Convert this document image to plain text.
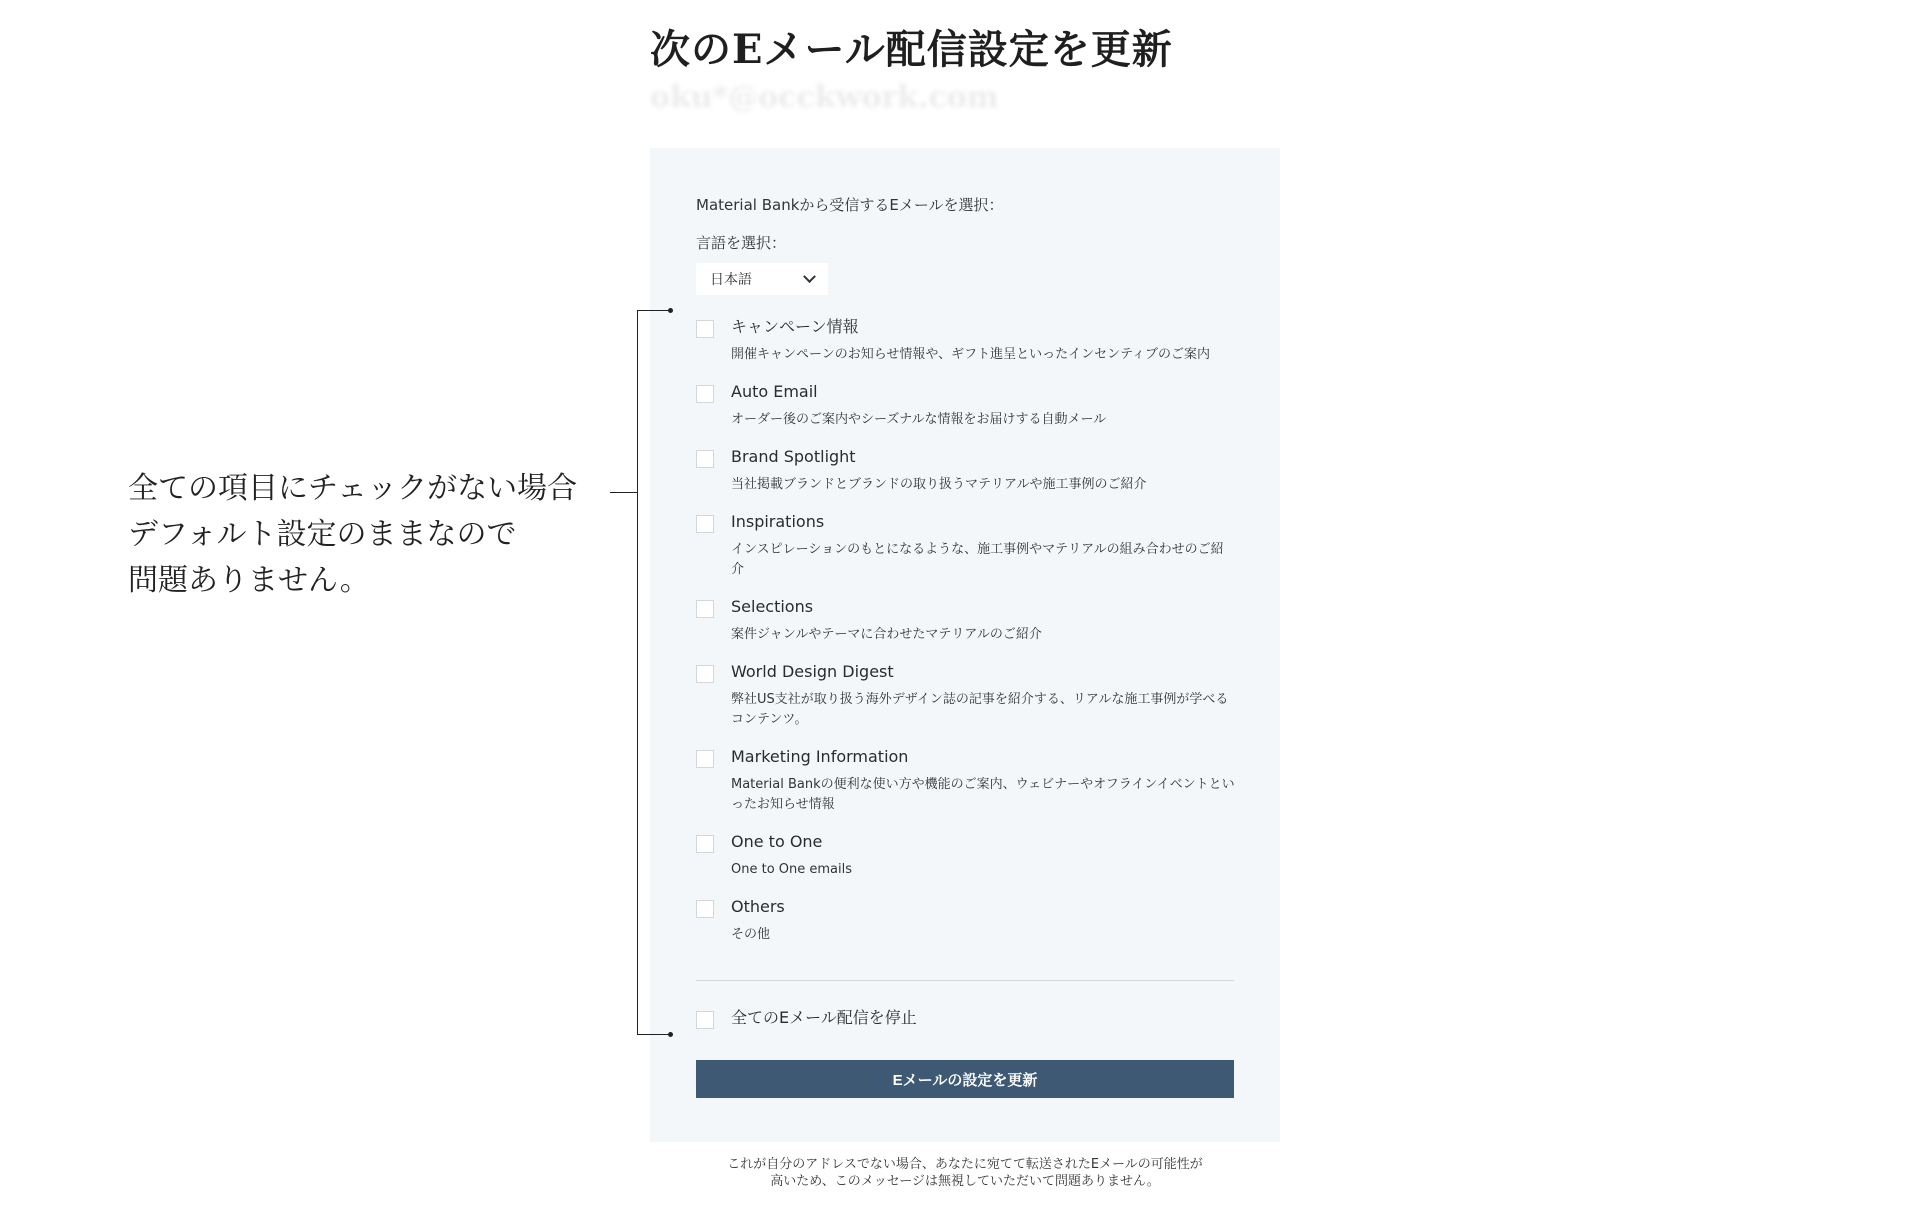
次のEメール配信設定を更新
oku*@occkwork.com
Material Bankから受信するEメールを選択：
言語を選択：
日本語
キャンペーン情報
開催キャンペーンのお知らせ情報や、ギフト進呈といったインセンティブのご案内
Auto Email
オーダー後のご案内やシーズナルな情報をお届けする自動メール
Brand Spotlight
当社掲載ブランドとブランドの取り扱うマテリアルや施工事例のご紹介
Inspirations
インスピレーションのもとになるような、施工事例やマテリアルの組み合わせのご紹介
Selections
案件ジャンルやテーマに合わせたマテリアルのご紹介
World Design Digest
弊社US支社が取り扱う海外デザイン誌の記事を紹介する、リアルな施工事例が学べるコンテンツ。
Marketing Information
Material Bankの便利な使い方や機能のご案内、ウェビナーやオフラインイベントといったお知らせ情報
One to One
One to One emails
Others
その他
全てのEメール配信を停止
Eメールの設定を更新
これが自分のアドレスでない場合、あなたに宛てて転送されたEメールの可能性が
高いため、このメッセージは無視していただいて問題ありません。
全ての項目にチェックがない場合
デフォルト設定のままなので
問題ありません。
